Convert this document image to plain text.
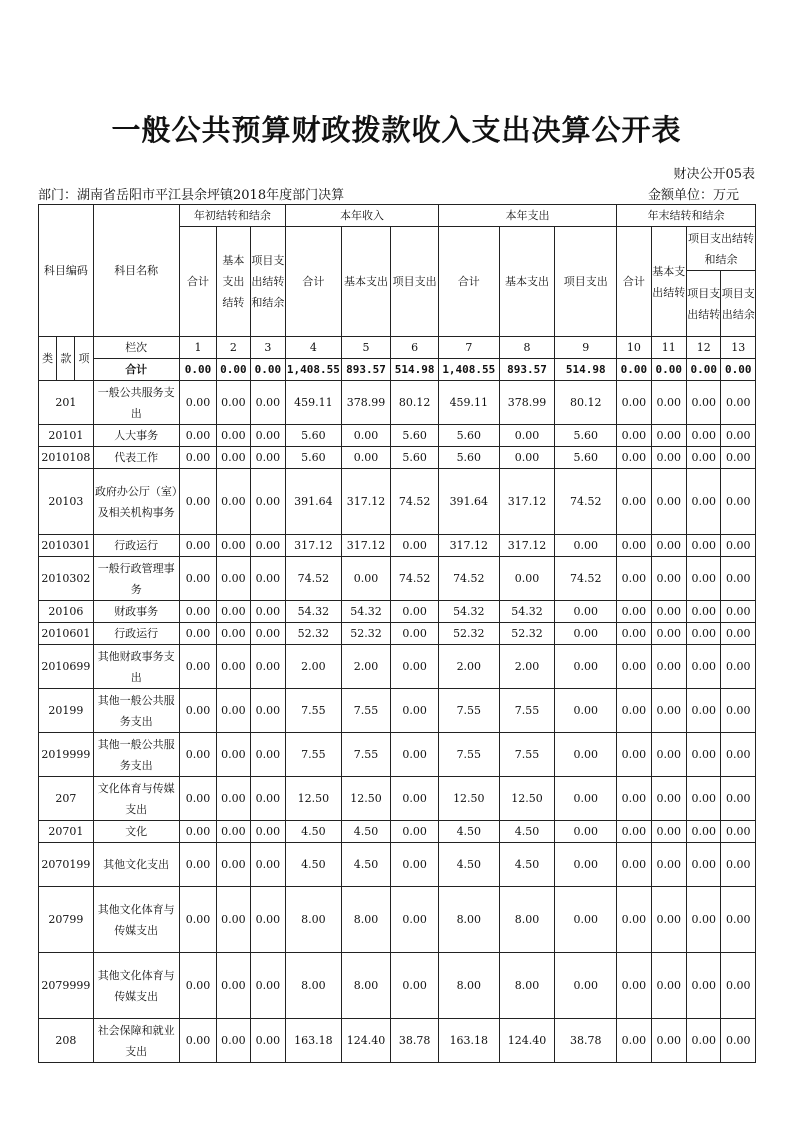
一般公共预算财政拨款收入支出决算公开表
财决公开05表
部门：湖南省岳阳市平江县余坪镇2018年度部门决算	金额单位：万元
科目编码			科目名称	年初结转和结余			本年收入			本年支出			年末结转和结余			
				合计	基本支出结转	项目支出结转和结余	合计	基本支出	项目支出	合计	基本支出	项目支出	合计	基本支出结转	项目支出结转和结余	
															项目支出结转	项目支出结余
类	款	项	栏次	1	2	3	4	5	6	7	8	9	10	11	12	13
			合计	0.00	0.00	0.00	1,408.55	893.57	514.98	1,408.55	893.57	514.98	0.00	0.00	0.00	0.00
201			一般公共服务支出	0.00	0.00	0.00	459.11	378.99	80.12	459.11	378.99	80.12	0.00	0.00	0.00	0.00
20101			人大事务	0.00	0.00	0.00	5.60	0.00	5.60	5.60	0.00	5.60	0.00	0.00	0.00	0.00
2010108			代表工作	0.00	0.00	0.00	5.60	0.00	5.60	5.60	0.00	5.60	0.00	0.00	0.00	0.00
20103			政府办公厅（室）及相关机构事务	0.00	0.00	0.00	391.64	317.12	74.52	391.64	317.12	74.52	0.00	0.00	0.00	0.00
2010301			行政运行	0.00	0.00	0.00	317.12	317.12	0.00	317.12	317.12	0.00	0.00	0.00	0.00	0.00
2010302			一般行政管理事务	0.00	0.00	0.00	74.52	0.00	74.52	74.52	0.00	74.52	0.00	0.00	0.00	0.00
20106			财政事务	0.00	0.00	0.00	54.32	54.32	0.00	54.32	54.32	0.00	0.00	0.00	0.00	0.00
2010601			行政运行	0.00	0.00	0.00	52.32	52.32	0.00	52.32	52.32	0.00	0.00	0.00	0.00	0.00
2010699			其他财政事务支出	0.00	0.00	0.00	2.00	2.00	0.00	2.00	2.00	0.00	0.00	0.00	0.00	0.00
20199			其他一般公共服务支出	0.00	0.00	0.00	7.55	7.55	0.00	7.55	7.55	0.00	0.00	0.00	0.00	0.00
2019999			其他一般公共服务支出	0.00	0.00	0.00	7.55	7.55	0.00	7.55	7.55	0.00	0.00	0.00	0.00	0.00
207			文化体育与传媒支出	0.00	0.00	0.00	12.50	12.50	0.00	12.50	12.50	0.00	0.00	0.00	0.00	0.00
20701			文化	0.00	0.00	0.00	4.50	4.50	0.00	4.50	4.50	0.00	0.00	0.00	0.00	0.00
2070199			其他文化支出	0.00	0.00	0.00	4.50	4.50	0.00	4.50	4.50	0.00	0.00	0.00	0.00	0.00
20799			其他文化体育与传媒支出	0.00	0.00	0.00	8.00	8.00	0.00	8.00	8.00	0.00	0.00	0.00	0.00	0.00
2079999			其他文化体育与传媒支出	0.00	0.00	0.00	8.00	8.00	0.00	8.00	8.00	0.00	0.00	0.00	0.00	0.00
208			社会保障和就业支出	0.00	0.00	0.00	163.18	124.40	38.78	163.18	124.40	38.78	0.00	0.00	0.00	0.00
